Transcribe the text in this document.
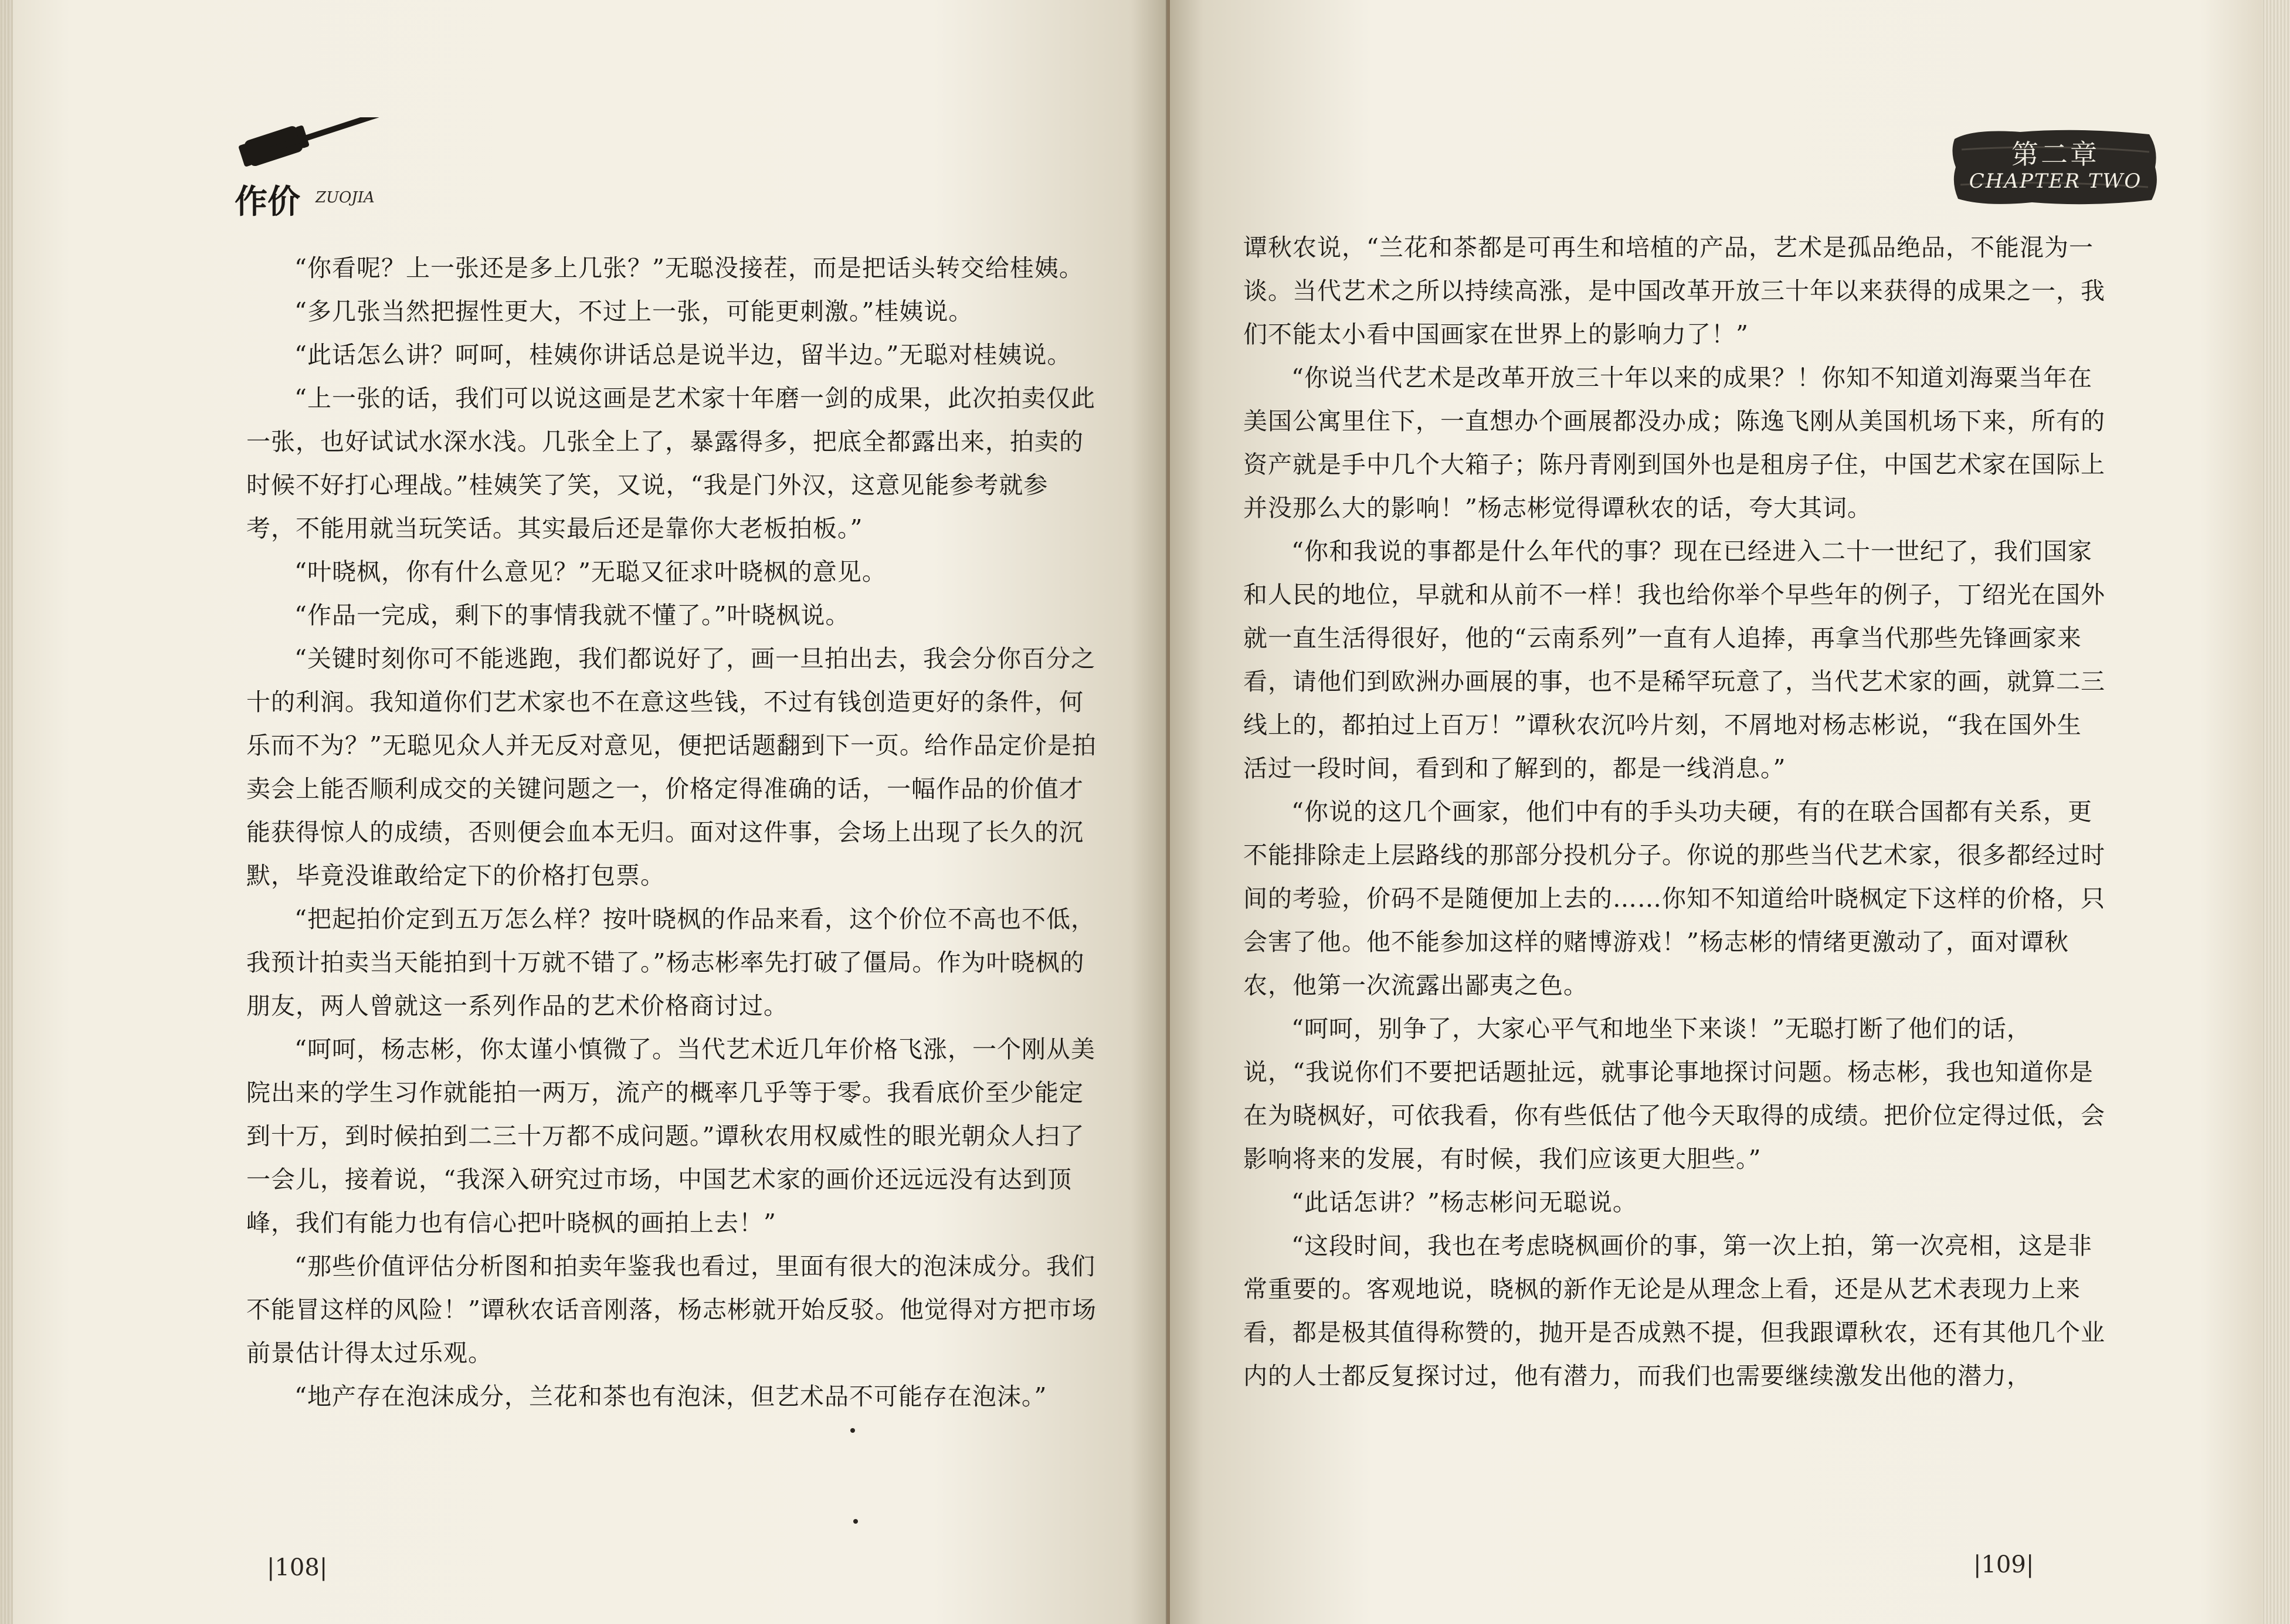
作价 ZUOJIA

“你看呢？上一张还是多上几张？”无聪没接茬，而是把话头转交给桂姨。

“多几张当然把握性更大，不过上一张，可能更刺激。”桂姨说。

“此话怎么讲？呵呵，桂姨你讲话总是说半边，留半边。”无聪对桂姨说。

“上一张的话，我们可以说这画是艺术家十年磨一剑的成果，此次拍卖仅此一张，也好试试水深水浅。几张全上了，暴露得多，把底全都露出来，拍卖的时候不好打心理战。”桂姨笑了笑，又说，“我是门外汉，这意见能参考就参考，不能用就当玩笑话。其实最后还是靠你大老板拍板。”

“叶晓枫，你有什么意见？”无聪又征求叶晓枫的意见。

“作品一完成，剩下的事情我就不懂了。”叶晓枫说。

“关键时刻你可不能逃跑，我们都说好了，画一旦拍出去，我会分你百分之十的利润。我知道你们艺术家也不在意这些钱，不过有钱创造更好的条件，何乐而不为？”无聪见众人并无反对意见，便把话题翻到下一页。给作品定价是拍卖会上能否顺利成交的关键问题之一，价格定得准确的话，一幅作品的价值才能获得惊人的成绩，否则便会血本无归。面对这件事，会场上出现了长久的沉默，毕竟没谁敢给定下的价格打包票。

“把起拍价定到五万怎么样？按叶晓枫的作品来看，这个价位不高也不低，我预计拍卖当天能拍到十万就不错了。”杨志彬率先打破了僵局。作为叶晓枫的朋友，两人曾就这一系列作品的艺术价格商讨过。

“呵呵，杨志彬，你太谨小慎微了。当代艺术近几年价格飞涨，一个刚从美院出来的学生习作就能拍一两万，流产的概率几乎等于零。我看底价至少能定到十万，到时候拍到二三十万都不成问题。”谭秋农用权威性的眼光朝众人扫了一会儿，接着说，“我深入研究过市场，中国艺术家的画价还远远没有达到顶峰，我们有能力也有信心把叶晓枫的画拍上去！”

“那些价值评估分析图和拍卖年鉴我也看过，里面有很大的泡沫成分。我们不能冒这样的风险！”谭秋农话音刚落，杨志彬就开始反驳。他觉得对方把市场前景估计得太过乐观。

“地产存在泡沫成分，兰花和茶也有泡沫，但艺术品不可能存在泡沫。”

|108|
第二章
CHAPTER TWO

谭秋农说，“兰花和茶都是可再生和培植的产品，艺术是孤品绝品，不能混为一谈。当代艺术之所以持续高涨，是中国改革开放三十年以来获得的成果之一，我们不能太小看中国画家在世界上的影响力了！”

“你说当代艺术是改革开放三十年以来的成果？！你知不知道刘海粟当年在美国公寓里住下，一直想办个画展都没办成；陈逸飞刚从美国机场下来，所有的资产就是手中几个大箱子；陈丹青刚到国外也是租房子住，中国艺术家在国际上并没那么大的影响！”杨志彬觉得谭秋农的话，夸大其词。

“你和我说的事都是什么年代的事？现在已经进入二十一世纪了，我们国家和人民的地位，早就和从前不一样！我也给你举个早些年的例子，丁绍光在国外就一直生活得很好，他的“云南系列”一直有人追捧，再拿当代那些先锋画家来看，请他们到欧洲办画展的事，也不是稀罕玩意了，当代艺术家的画，就算二三线上的，都拍过上百万！”谭秋农沉吟片刻，不屑地对杨志彬说，“我在国外生活过一段时间，看到和了解到的，都是一线消息。”

“你说的这几个画家，他们中有的手头功夫硬，有的在联合国都有关系，更不能排除走上层路线的那部分投机分子。你说的那些当代艺术家，很多都经过时间的考验，价码不是随便加上去的……你知不知道给叶晓枫定下这样的价格，只会害了他。他不能参加这样的赌博游戏！”杨志彬的情绪更激动了，面对谭秋农，他第一次流露出鄙夷之色。

“呵呵，别争了，大家心平气和地坐下来谈！”无聪打断了他们的话，说，“我说你们不要把话题扯远，就事论事地探讨问题。杨志彬，我也知道你是在为晓枫好，可依我看，你有些低估了他今天取得的成绩。把价位定得过低，会影响将来的发展，有时候，我们应该更大胆些。”

“此话怎讲？”杨志彬问无聪说。

“这段时间，我也在考虑晓枫画价的事，第一次上拍，第一次亮相，这是非常重要的。客观地说，晓枫的新作无论是从理念上看，还是从艺术表现力上来看，都是极其值得称赞的，抛开是否成熟不提，但我跟谭秋农，还有其他几个业内的人士都反复探讨过，他有潜力，而我们也需要继续激发出他的潜力，

|109|
